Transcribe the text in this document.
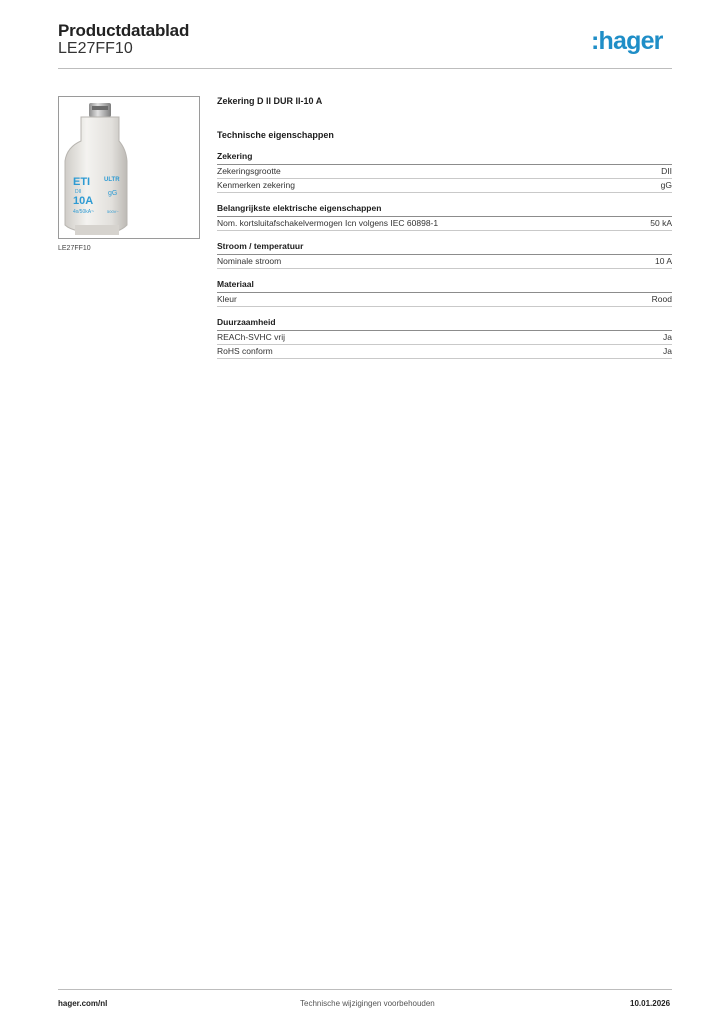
Productdatablad
LE27FF10	:hager
ETI
DII
10A
4x/50kA~
ULTR
gG
500V~
LE27FF10
Zekering D II DUR II-10 A
Technische eigenschappen
Zekering
Zekeringsgrootte	DII
Kenmerken zekering	gG
Belangrijkste elektrische eigenschappen
Nom. kortsluitafschakelvermogen Icn volgens IEC 60898-1	50 kA
Stroom / temperatuur
Nominale stroom	10 A
Materiaal
Kleur	Rood
Duurzaamheid
REACh-SVHC vrij	Ja
RoHS conform	Ja
hager.com/nl	Technische wijzigingen voorbehouden	10.01.2026
